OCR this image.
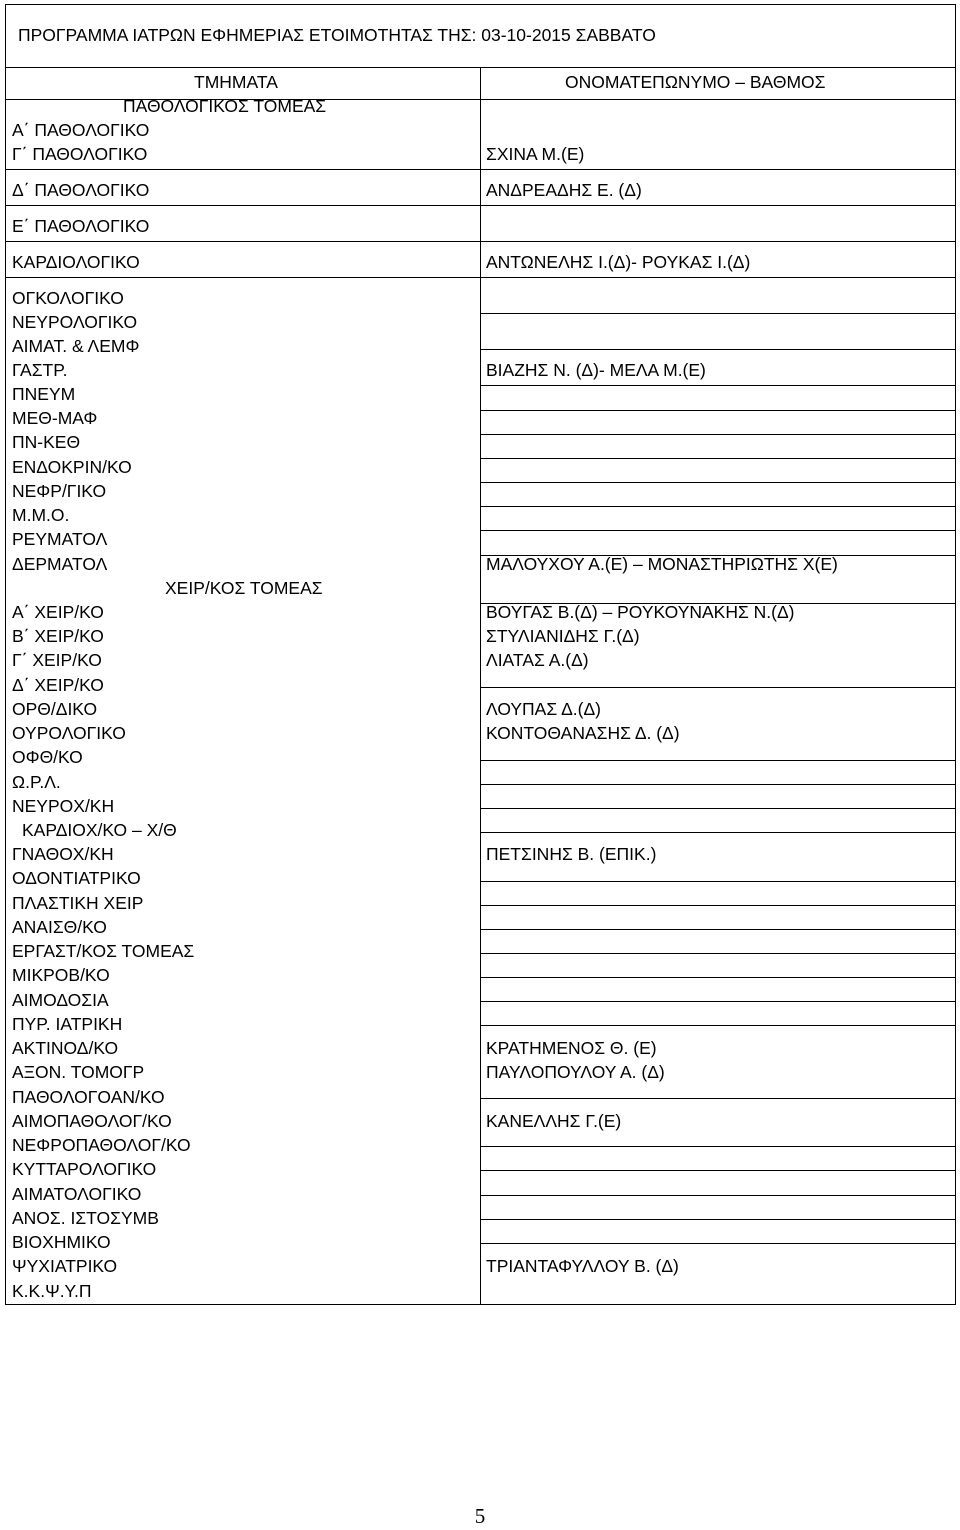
ΠΡΟΓΡΑΜΜΑ ΙΑΤΡΩΝ ΕΦΗΜΕΡΙΑΣ ΕΤΟΙΜΟΤΗΤΑΣ ΤΗΣ: 03-10-2015 ΣΑΒΒΑΤΟ
ΤΜΗΜΑΤΑ	ΟΝΟΜΑΤΕΠΩΝΥΜΟ – ΒΑΘΜΟΣ
ΠΑΘΟΛΟΓΙΚΟΣ ΤΟΜΕΑΣ
ΧΕΙΡ/ΚΟΣ ΤΟΜΕΑΣ
ΕΡΓΑΣΤ/ΚΟΣ ΤΟΜΕΑΣ
Α΄ ΠΑΘΟΛΟΓΙΚΟ
Γ΄ ΠΑΘΟΛΟΓΙΚΟ
Δ΄ ΠΑΘΟΛΟΓΙΚΟ
Ε΄ ΠΑΘΟΛΟΓΙΚΟ
ΚΑΡΔΙΟΛΟΓΙΚΟ
ΟΓΚΟΛΟΓΙΚΟ
ΝΕΥΡΟΛΟΓΙΚΟ
ΑΙΜΑΤ. & ΛΕΜΦ
ΓΑΣΤΡ.
ΠΝΕΥΜ
ΜΕΘ-ΜΑΦ
ΠΝ-ΚΕΘ
ΕΝΔΟΚΡΙΝ/ΚΟ
ΝΕΦΡ/ΓΙΚΟ
Μ.Μ.Ο.
ΡΕΥΜΑΤΟΛ
ΔΕΡΜΑΤΟΛ
Α΄ ΧΕΙΡ/ΚΟ
Β΄ ΧΕΙΡ/ΚΟ
Γ΄ ΧΕΙΡ/ΚΟ
Δ΄ ΧΕΙΡ/ΚΟ
ΟΡΘ/ΔΙΚΟ
ΟΥΡΟΛΟΓΙΚΟ
ΟΦΘ/ΚΟ
Ω.Ρ.Λ.
ΝΕΥΡΟΧ/ΚΗ
ΚΑΡΔΙΟΧ/ΚΟ – Χ/Θ
ΓΝΑΘΟΧ/ΚΗ
ΟΔΟΝΤΙΑΤΡΙΚΟ
ΠΛΑΣΤΙΚΗ ΧΕΙΡ
ΑΝΑΙΣΘ/ΚΟ
ΜΙΚΡΟΒ/ΚΟ
ΑΙΜΟΔΟΣΙΑ
ΠΥΡ. ΙΑΤΡΙΚΗ
ΑΚΤΙΝΟΔ/ΚΟ
ΑΞΟΝ. ΤΟΜΟΓΡ
ΠΑΘΟΛΟΓΟΑΝ/ΚΟ
ΑΙΜΟΠΑΘΟΛΟΓ/ΚΟ
ΝΕΦΡΟΠΑΘΟΛΟΓ/ΚΟ
ΚΥΤΤΑΡΟΛΟΓΙΚΟ
ΑΙΜΑΤΟΛΟΓΙΚΟ
ΑΝΟΣ. ΙΣΤΟΣΥΜΒ
ΒΙΟΧΗΜΙΚΟ
ΨΥΧΙΑΤΡΙΚΟ
Κ.Κ.Ψ.Υ.Π
ΣΧΙΝΑ Μ.(Ε)
ΑΝΔΡΕΑΔΗΣ Ε. (Δ)
ΑΝΤΩΝΕΛΗΣ Ι.(Δ)- ΡΟΥΚΑΣ Ι.(Δ)
ΒΙΑΖΗΣ Ν. (Δ)- ΜΕΛΑ Μ.(Ε)
ΜΑΛΟΥΧΟΥ Α.(Ε) – ΜΟΝΑΣΤΗΡΙΩΤΗΣ Χ(Ε)
ΒΟΥΓΑΣ Β.(Δ) – ΡΟΥΚΟΥΝΑΚΗΣ Ν.(Δ)
ΣΤΥΛΙΑΝΙΔΗΣ Γ.(Δ)
ΛΙΑΤΑΣ Α.(Δ)
ΛΟΥΠΑΣ Δ.(Δ)
ΚΟΝΤΟΘΑΝΑΣΗΣ Δ. (Δ)
ΠΕΤΣΙΝΗΣ Β. (ΕΠΙΚ.)
ΚΡΑΤΗΜΕΝΟΣ Θ. (Ε)
ΠΑΥΛΟΠΟΥΛΟΥ Α. (Δ)
ΚΑΝΕΛΛΗΣ Γ.(Ε)
ΤΡΙΑΝΤΑΦΥΛΛΟΥ Β. (Δ)
5
